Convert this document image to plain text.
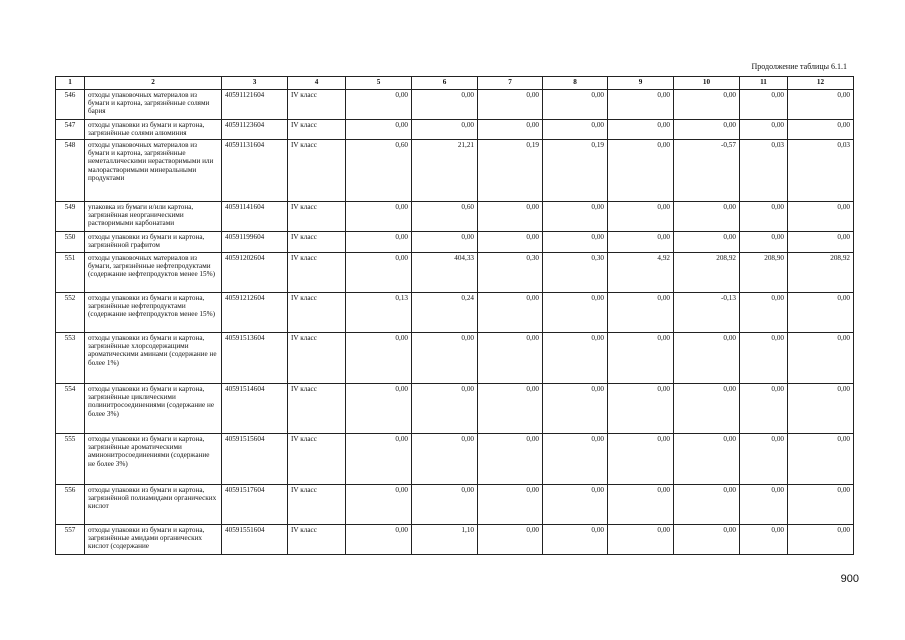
Продолжение таблицы 6.1.1
1	2	3	4	5	6	7	8	9	10	11	12
546	отходы упаковочных материалов из бумаги и картона, загрязнённые солями бария	40591121604	IV класс	0,00	0,00	0,00	0,00	0,00	0,00	0,00	0,00
547	отходы упаковки из бумаги и картона, загрязнённые солями алюминия	40591123604	IV класс	0,00	0,00	0,00	0,00	0,00	0,00	0,00	0,00
548	отходы упаковочных материалов из бумаги и картона, загрязнённые неметаллическими нерастворимыми или малорастворимыми минеральными продуктами	40591131604	IV класс	0,60	21,21	0,19	0,19	0,00	-0,57	0,03	0,03
549	упаковка из бумаги и/или картона, загрязнённая неорганическими растворимыми карбонатами	40591141604	IV класс	0,00	0,60	0,00	0,00	0,00	0,00	0,00	0,00
550	отходы упаковки из бумаги и картона, загрязнённой графитом	40591199604	IV класс	0,00	0,00	0,00	0,00	0,00	0,00	0,00	0,00
551	отходы упаковочных материалов из бумаги, загрязнённые нефтепродуктами (содержание нефтепродуктов менее 15%)	40591202604	IV класс	0,00	404,33	0,30	0,30	4,92	208,92	208,90	208,92
552	отходы упаковки из бумаги и картона, загрязнённые нефтепродуктами (содержание нефтепродуктов менее 15%)	40591212604	IV класс	0,13	0,24	0,00	0,00	0,00	-0,13	0,00	0,00
553	отходы упаковки из бумаги и картона, загрязнённые хлорсодержащими ароматическими аминами (содержание не более 1%)	40591513604	IV класс	0,00	0,00	0,00	0,00	0,00	0,00	0,00	0,00
554	отходы упаковки из бумаги и картона, загрязнённые циклическими полинитросоединениями (содержание не более 3%)	40591514604	IV класс	0,00	0,00	0,00	0,00	0,00	0,00	0,00	0,00
555	отходы упаковки из бумаги и картона, загрязнённые ароматическими аминонитросоединениями (содержание не более 3%)	40591515604	IV класс	0,00	0,00	0,00	0,00	0,00	0,00	0,00	0,00
556	отходы упаковки из бумаги и картона, загрязнённой полиамидами органических кислот	40591517604	IV класс	0,00	0,00	0,00	0,00	0,00	0,00	0,00	0,00
557	отходы упаковки из бумаги и картона, загрязнённые амидами органических кислот (содержание	40591551604	IV класс	0,00	1,10	0,00	0,00	0,00	0,00	0,00	0,00
900
